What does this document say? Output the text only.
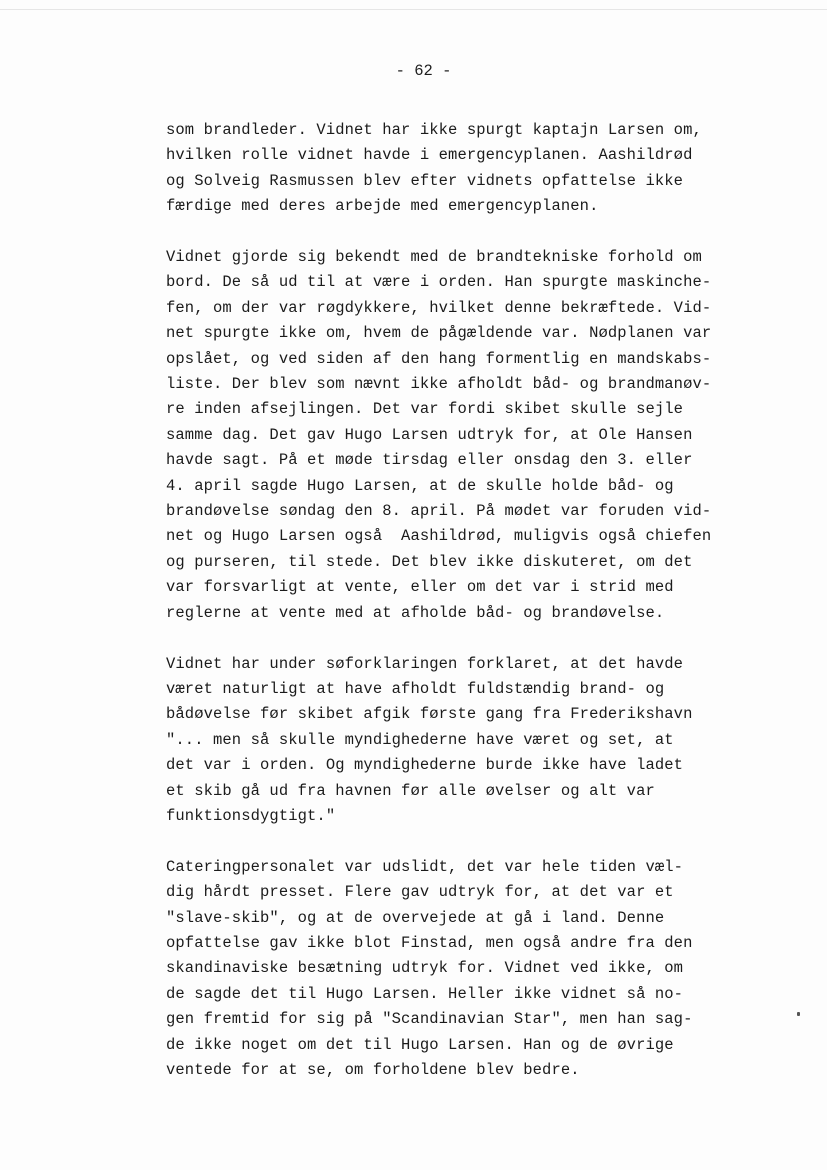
- 62 -
som brandleder. Vidnet har ikke spurgt kaptajn Larsen om,
hvilken rolle vidnet havde i emergencyplanen. Aashildrød
og Solveig Rasmussen blev efter vidnets opfattelse ikke
færdige med deres arbejde med emergencyplanen.
Vidnet gjorde sig bekendt med de brandtekniske forhold om
bord. De så ud til at være i orden. Han spurgte maskinche-
fen, om der var røgdykkere, hvilket denne bekræftede. Vid-
net spurgte ikke om, hvem de pågældende var. Nødplanen var
opslået, og ved siden af den hang formentlig en mandskabs-
liste. Der blev som nævnt ikke afholdt båd- og brandmanøv-
re inden afsejlingen. Det var fordi skibet skulle sejle
samme dag. Det gav Hugo Larsen udtryk for, at Ole Hansen
havde sagt. På et møde tirsdag eller onsdag den 3. eller
4. april sagde Hugo Larsen, at de skulle holde båd- og
brandøvelse søndag den 8. april. På mødet var foruden vid-
net og Hugo Larsen også  Aashildrød, muligvis også chiefen
og purseren, til stede. Det blev ikke diskuteret, om det
var forsvarligt at vente, eller om det var i strid med
reglerne at vente med at afholde båd- og brandøvelse.
Vidnet har under søforklaringen forklaret, at det havde
været naturligt at have afholdt fuldstændig brand- og
bådøvelse før skibet afgik første gang fra Frederikshavn
"... men så skulle myndighederne have været og set, at
det var i orden. Og myndighederne burde ikke have ladet
et skib gå ud fra havnen før alle øvelser og alt var
funktionsdygtigt."
Cateringpersonalet var udslidt, det var hele tiden væl-
dig hårdt presset. Flere gav udtryk for, at det var et
"slave-skib", og at de overvejede at gå i land. Denne
opfattelse gav ikke blot Finstad, men også andre fra den
skandinaviske besætning udtryk for. Vidnet ved ikke, om
de sagde det til Hugo Larsen. Heller ikke vidnet så no-
gen fremtid for sig på "Scandinavian Star", men han sag-
de ikke noget om det til Hugo Larsen. Han og de øvrige
ventede for at se, om forholdene blev bedre.
